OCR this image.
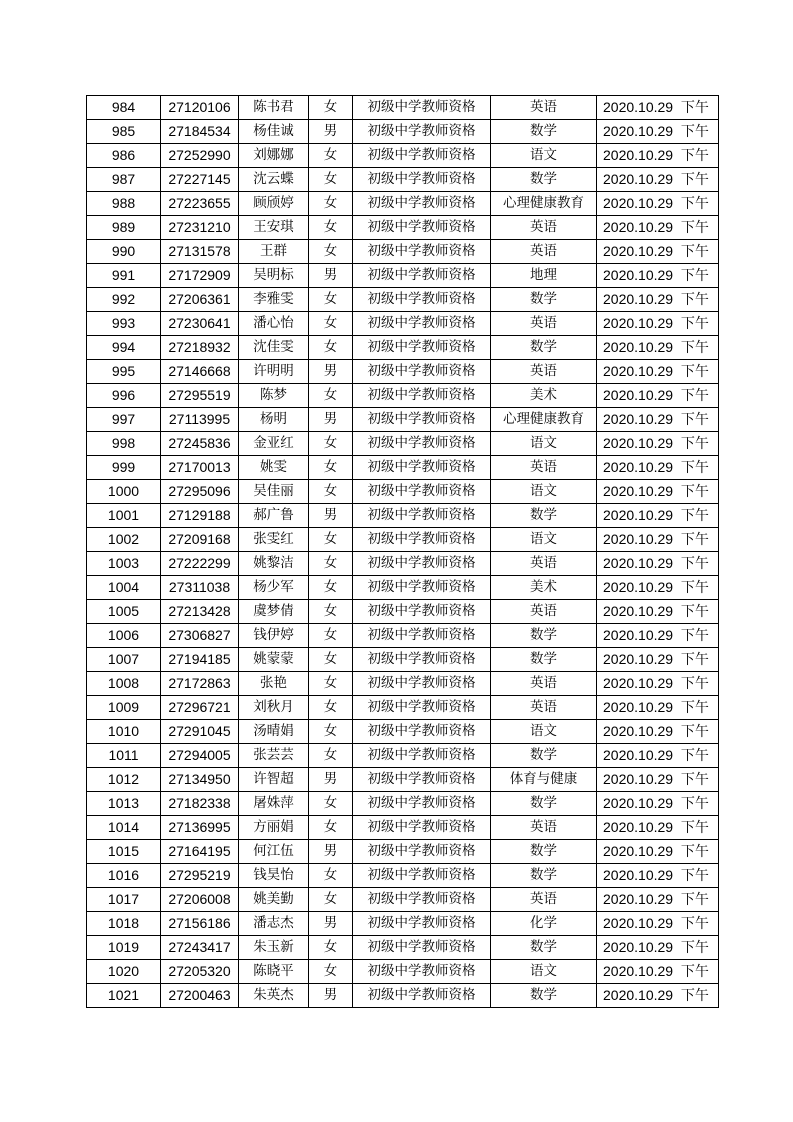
984	27120106	陈书君	女	初级中学教师资格	英语	2020.10.29 下午
985	27184534	杨佳诚	男	初级中学教师资格	数学	2020.10.29 下午
986	27252990	刘娜娜	女	初级中学教师资格	语文	2020.10.29 下午
987	27227145	沈云蝶	女	初级中学教师资格	数学	2020.10.29 下午
988	27223655	顾颀婷	女	初级中学教师资格	心理健康教育	2020.10.29 下午
989	27231210	王安琪	女	初级中学教师资格	英语	2020.10.29 下午
990	27131578	王群	女	初级中学教师资格	英语	2020.10.29 下午
991	27172909	吴明标	男	初级中学教师资格	地理	2020.10.29 下午
992	27206361	李雅雯	女	初级中学教师资格	数学	2020.10.29 下午
993	27230641	潘心怡	女	初级中学教师资格	英语	2020.10.29 下午
994	27218932	沈佳雯	女	初级中学教师资格	数学	2020.10.29 下午
995	27146668	许明明	男	初级中学教师资格	英语	2020.10.29 下午
996	27295519	陈梦	女	初级中学教师资格	美术	2020.10.29 下午
997	27113995	杨明	男	初级中学教师资格	心理健康教育	2020.10.29 下午
998	27245836	金亚红	女	初级中学教师资格	语文	2020.10.29 下午
999	27170013	姚雯	女	初级中学教师资格	英语	2020.10.29 下午
1000	27295096	吴佳丽	女	初级中学教师资格	语文	2020.10.29 下午
1001	27129188	郝广鲁	男	初级中学教师资格	数学	2020.10.29 下午
1002	27209168	张雯红	女	初级中学教师资格	语文	2020.10.29 下午
1003	27222299	姚黎洁	女	初级中学教师资格	英语	2020.10.29 下午
1004	27311038	杨少军	女	初级中学教师资格	美术	2020.10.29 下午
1005	27213428	虞梦倩	女	初级中学教师资格	英语	2020.10.29 下午
1006	27306827	钱伊婷	女	初级中学教师资格	数学	2020.10.29 下午
1007	27194185	姚蒙蒙	女	初级中学教师资格	数学	2020.10.29 下午
1008	27172863	张艳	女	初级中学教师资格	英语	2020.10.29 下午
1009	27296721	刘秋月	女	初级中学教师资格	英语	2020.10.29 下午
1010	27291045	汤晴娟	女	初级中学教师资格	语文	2020.10.29 下午
1011	27294005	张芸芸	女	初级中学教师资格	数学	2020.10.29 下午
1012	27134950	许智超	男	初级中学教师资格	体育与健康	2020.10.29 下午
1013	27182338	屠姝萍	女	初级中学教师资格	数学	2020.10.29 下午
1014	27136995	方丽娟	女	初级中学教师资格	英语	2020.10.29 下午
1015	27164195	何江伍	男	初级中学教师资格	数学	2020.10.29 下午
1016	27295219	钱昊怡	女	初级中学教师资格	数学	2020.10.29 下午
1017	27206008	姚美勤	女	初级中学教师资格	英语	2020.10.29 下午
1018	27156186	潘志杰	男	初级中学教师资格	化学	2020.10.29 下午
1019	27243417	朱玉新	女	初级中学教师资格	数学	2020.10.29 下午
1020	27205320	陈晓平	女	初级中学教师资格	语文	2020.10.29 下午
1021	27200463	朱英杰	男	初级中学教师资格	数学	2020.10.29 下午
